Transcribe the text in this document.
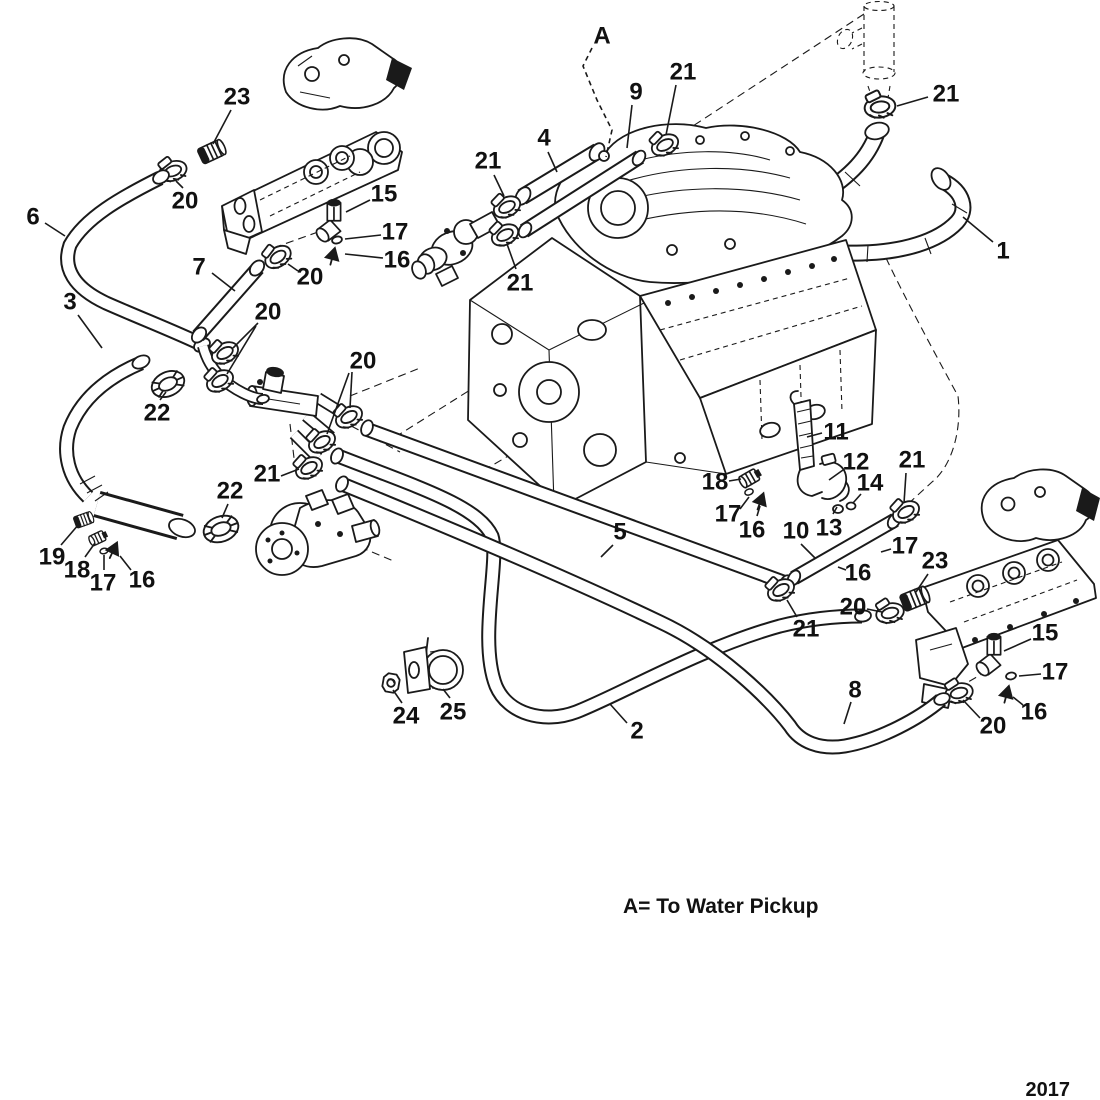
A
23
21
9	21
4
21
20	15
6
17
1
16
7	20	21
3	20
20
22
11
12 21
18	14
21
22
17
13
16 10
5
17
19	23
18	16
17 16
20
21	15
17
8
16
24 25
2	20
A= To Water Pickup
2017
